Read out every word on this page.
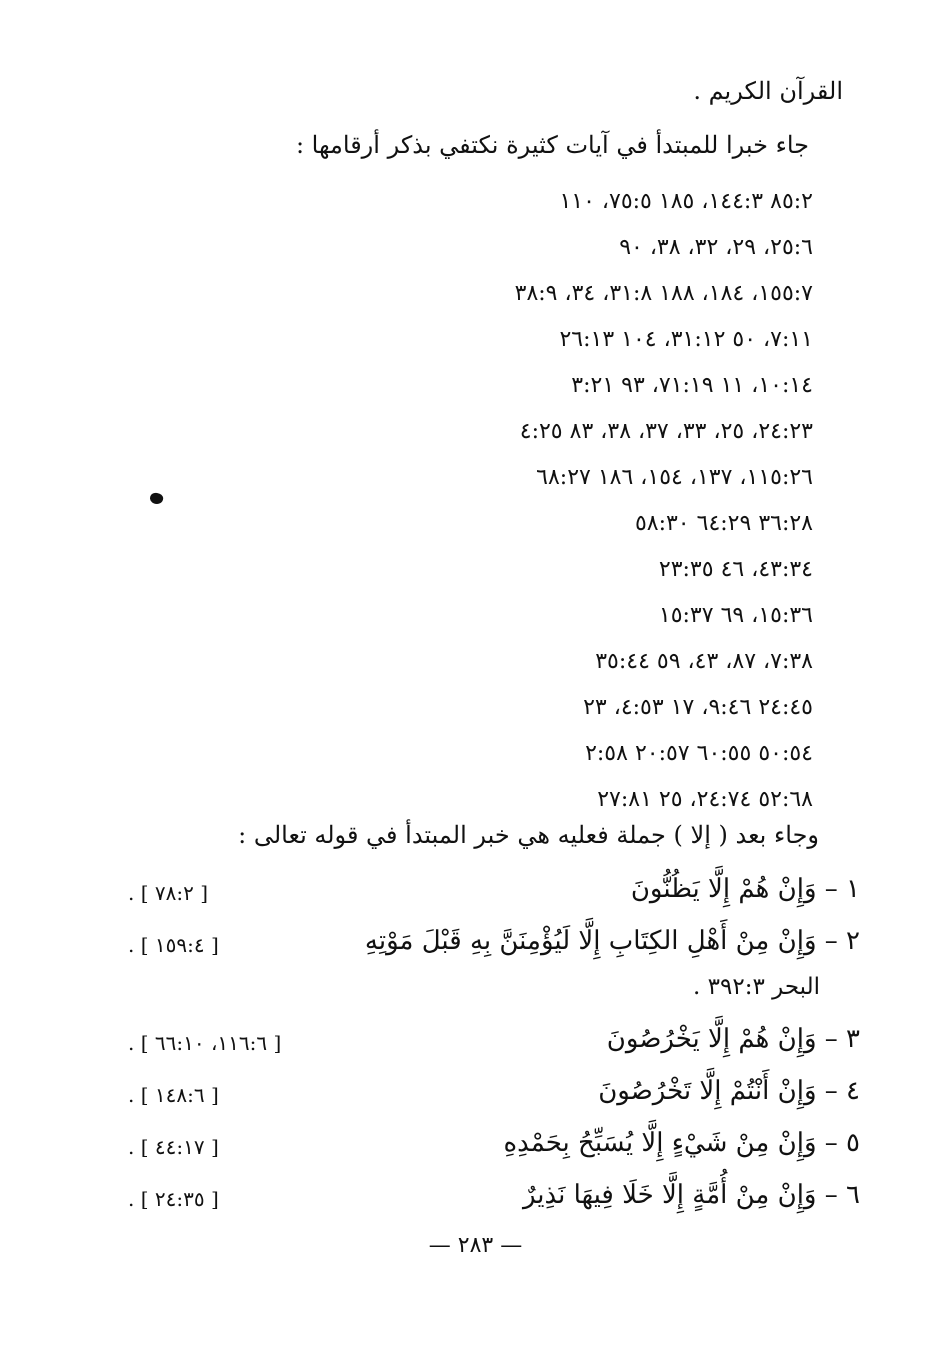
القرآن الكريم .
جاء خبرا للمبتدأ في آيات كثيرة نكتفي بذكر أرقامها :
٨٥:٢ ١٤٤:٣، ١٨٥ ٧٥:٥، ١١٠
٢٥:٦، ٢٩، ٣٢، ٣٨، ٩٠
١٥٥:٧، ١٨٤، ١٨٨ ٣١:٨، ٣٤، ٣٨:٩
٧:١١، ٥٠ ٣١:١٢، ١٠٤ ٢٦:١٣
١٠:١٤، ١١ ٧١:١٩، ٩٣ ٣:٢١
٢٤:٢٣، ٢٥، ٣٣، ٣٧، ٣٨، ٨٣ ٤:٢٥
١١٥:٢٦، ١٣٧، ١٥٤، ١٨٦ ٦٨:٢٧
٣٦:٢٨ ٦٤:٢٩ ٥٨:٣٠
٤٣:٣٤، ٤٦ ٢٣:٣٥
١٥:٣٦، ٦٩ ١٥:٣٧
٧:٣٨، ٨٧، ٤٣، ٥٩ ٣٥:٤٤
٢٤:٤٥ ٩:٤٦، ١٧ ٤:٥٣، ٢٣
٥٠:٥٤ ٦٠:٥٥ ٢٠:٥٧ ٢:٥٨
٥٢:٦٨ ٢٤:٧٤، ٢٥ ٢٧:٨١
وجاء بعد ( إلا ) جملة فعليه هي خبر المبتدأ في قوله تعالى :
١ – وَإِنْ هُمْ إِلَّا يَظُنُّونَ
[ ٧٨:٢ ] .
٢ – وَإِنْ مِنْ أَهْلِ الكِتَابِ إِلَّا لَيُؤْمِنَنَّ بِهِ قَبْلَ مَوْتِهِ
[ ١٥٩:٤ ] .
البحر ٣٩٢:٣ .
٣ – وَإِنْ هُمْ إِلَّا يَخْرُصُونَ
[ ١١٦:٦، ٦٦:١٠ ] .
٤ – وَإِنْ أَنْتُمْ إِلَّا تَخْرُصُونَ
[ ١٤٨:٦ ] .
٥ – وَإِنْ مِنْ شَيْءٍ إِلَّا يُسَبِّحُ بِحَمْدِهِ
[ ٤٤:١٧ ] .
٦ – وَإِنْ مِنْ أُمَّةٍ إِلَّا خَلَا فِيهَا نَذِيرٌ
[ ٢٤:٣٥ ] .
— ٢٨٣ —
